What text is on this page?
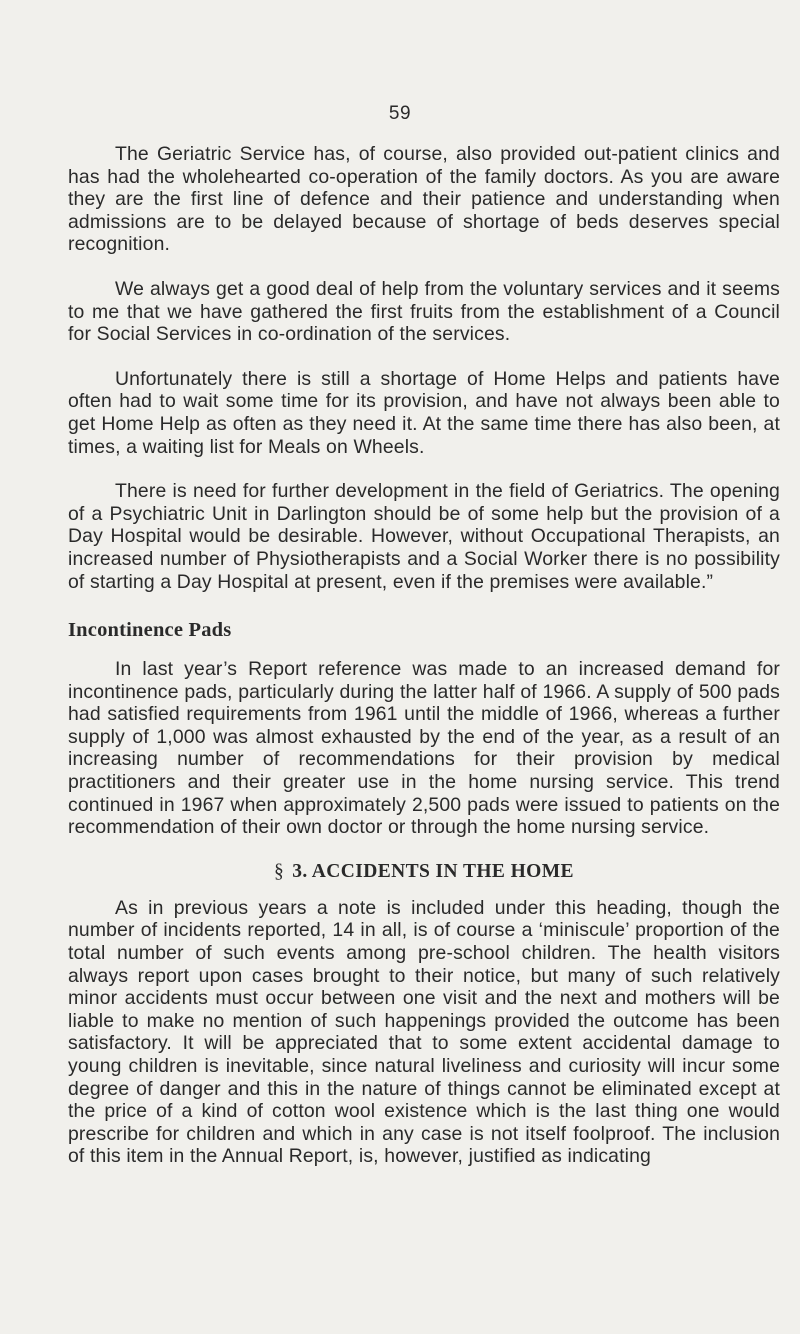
59

The Geriatric Service has, of course, also provided out-patient clinics and has had the wholehearted co-operation of the family doctors. As you are aware they are the first line of defence and their patience and understanding when admissions are to be delayed because of shortage of beds deserves special recognition.

We always get a good deal of help from the voluntary services and it seems to me that we have gathered the first fruits from the establishment of a Council for Social Services in co-ordination of the services.

Unfortunately there is still a shortage of Home Helps and patients have often had to wait some time for its provision, and have not always been able to get Home Help as often as they need it. At the same time there has also been, at times, a waiting list for Meals on Wheels.

There is need for further development in the field of Geriatrics. The opening of a Psychiatric Unit in Darlington should be of some help but the provision of a Day Hospital would be desirable. However, without Occupational Therapists, an increased number of Physiotherapists and a Social Worker there is no possibility of starting a Day Hospital at present, even if the premises were available.”

Incontinence Pads

In last year’s Report reference was made to an increased demand for incontinence pads, particularly during the latter half of 1966. A supply of 500 pads had satisfied requirements from 1961 until the middle of 1966, whereas a further supply of 1,000 was almost exhausted by the end of the year, as a result of an increasing number of recommendations for their provision by medical practitioners and their greater use in the home nursing service. This trend continued in 1967 when approximately 2,500 pads were issued to patients on the recommendation of their own doctor or through the home nursing service.

§ 3. ACCIDENTS IN THE HOME

As in previous years a note is included under this heading, though the number of incidents reported, 14 in all, is of course a ‘miniscule’ proportion of the total number of such events among pre-school children. The health visitors always report upon cases brought to their notice, but many of such relatively minor accidents must occur between one visit and the next and mothers will be liable to make no mention of such happenings provided the outcome has been satisfactory. It will be appreciated that to some extent accidental damage to young children is inevitable, since natural liveliness and curiosity will incur some degree of danger and this in the nature of things cannot be eliminated except at the price of a kind of cotton wool existence which is the last thing one would prescribe for children and which in any case is not itself foolproof. The inclusion of this item in the Annual Report, is, however, justified as indicating
